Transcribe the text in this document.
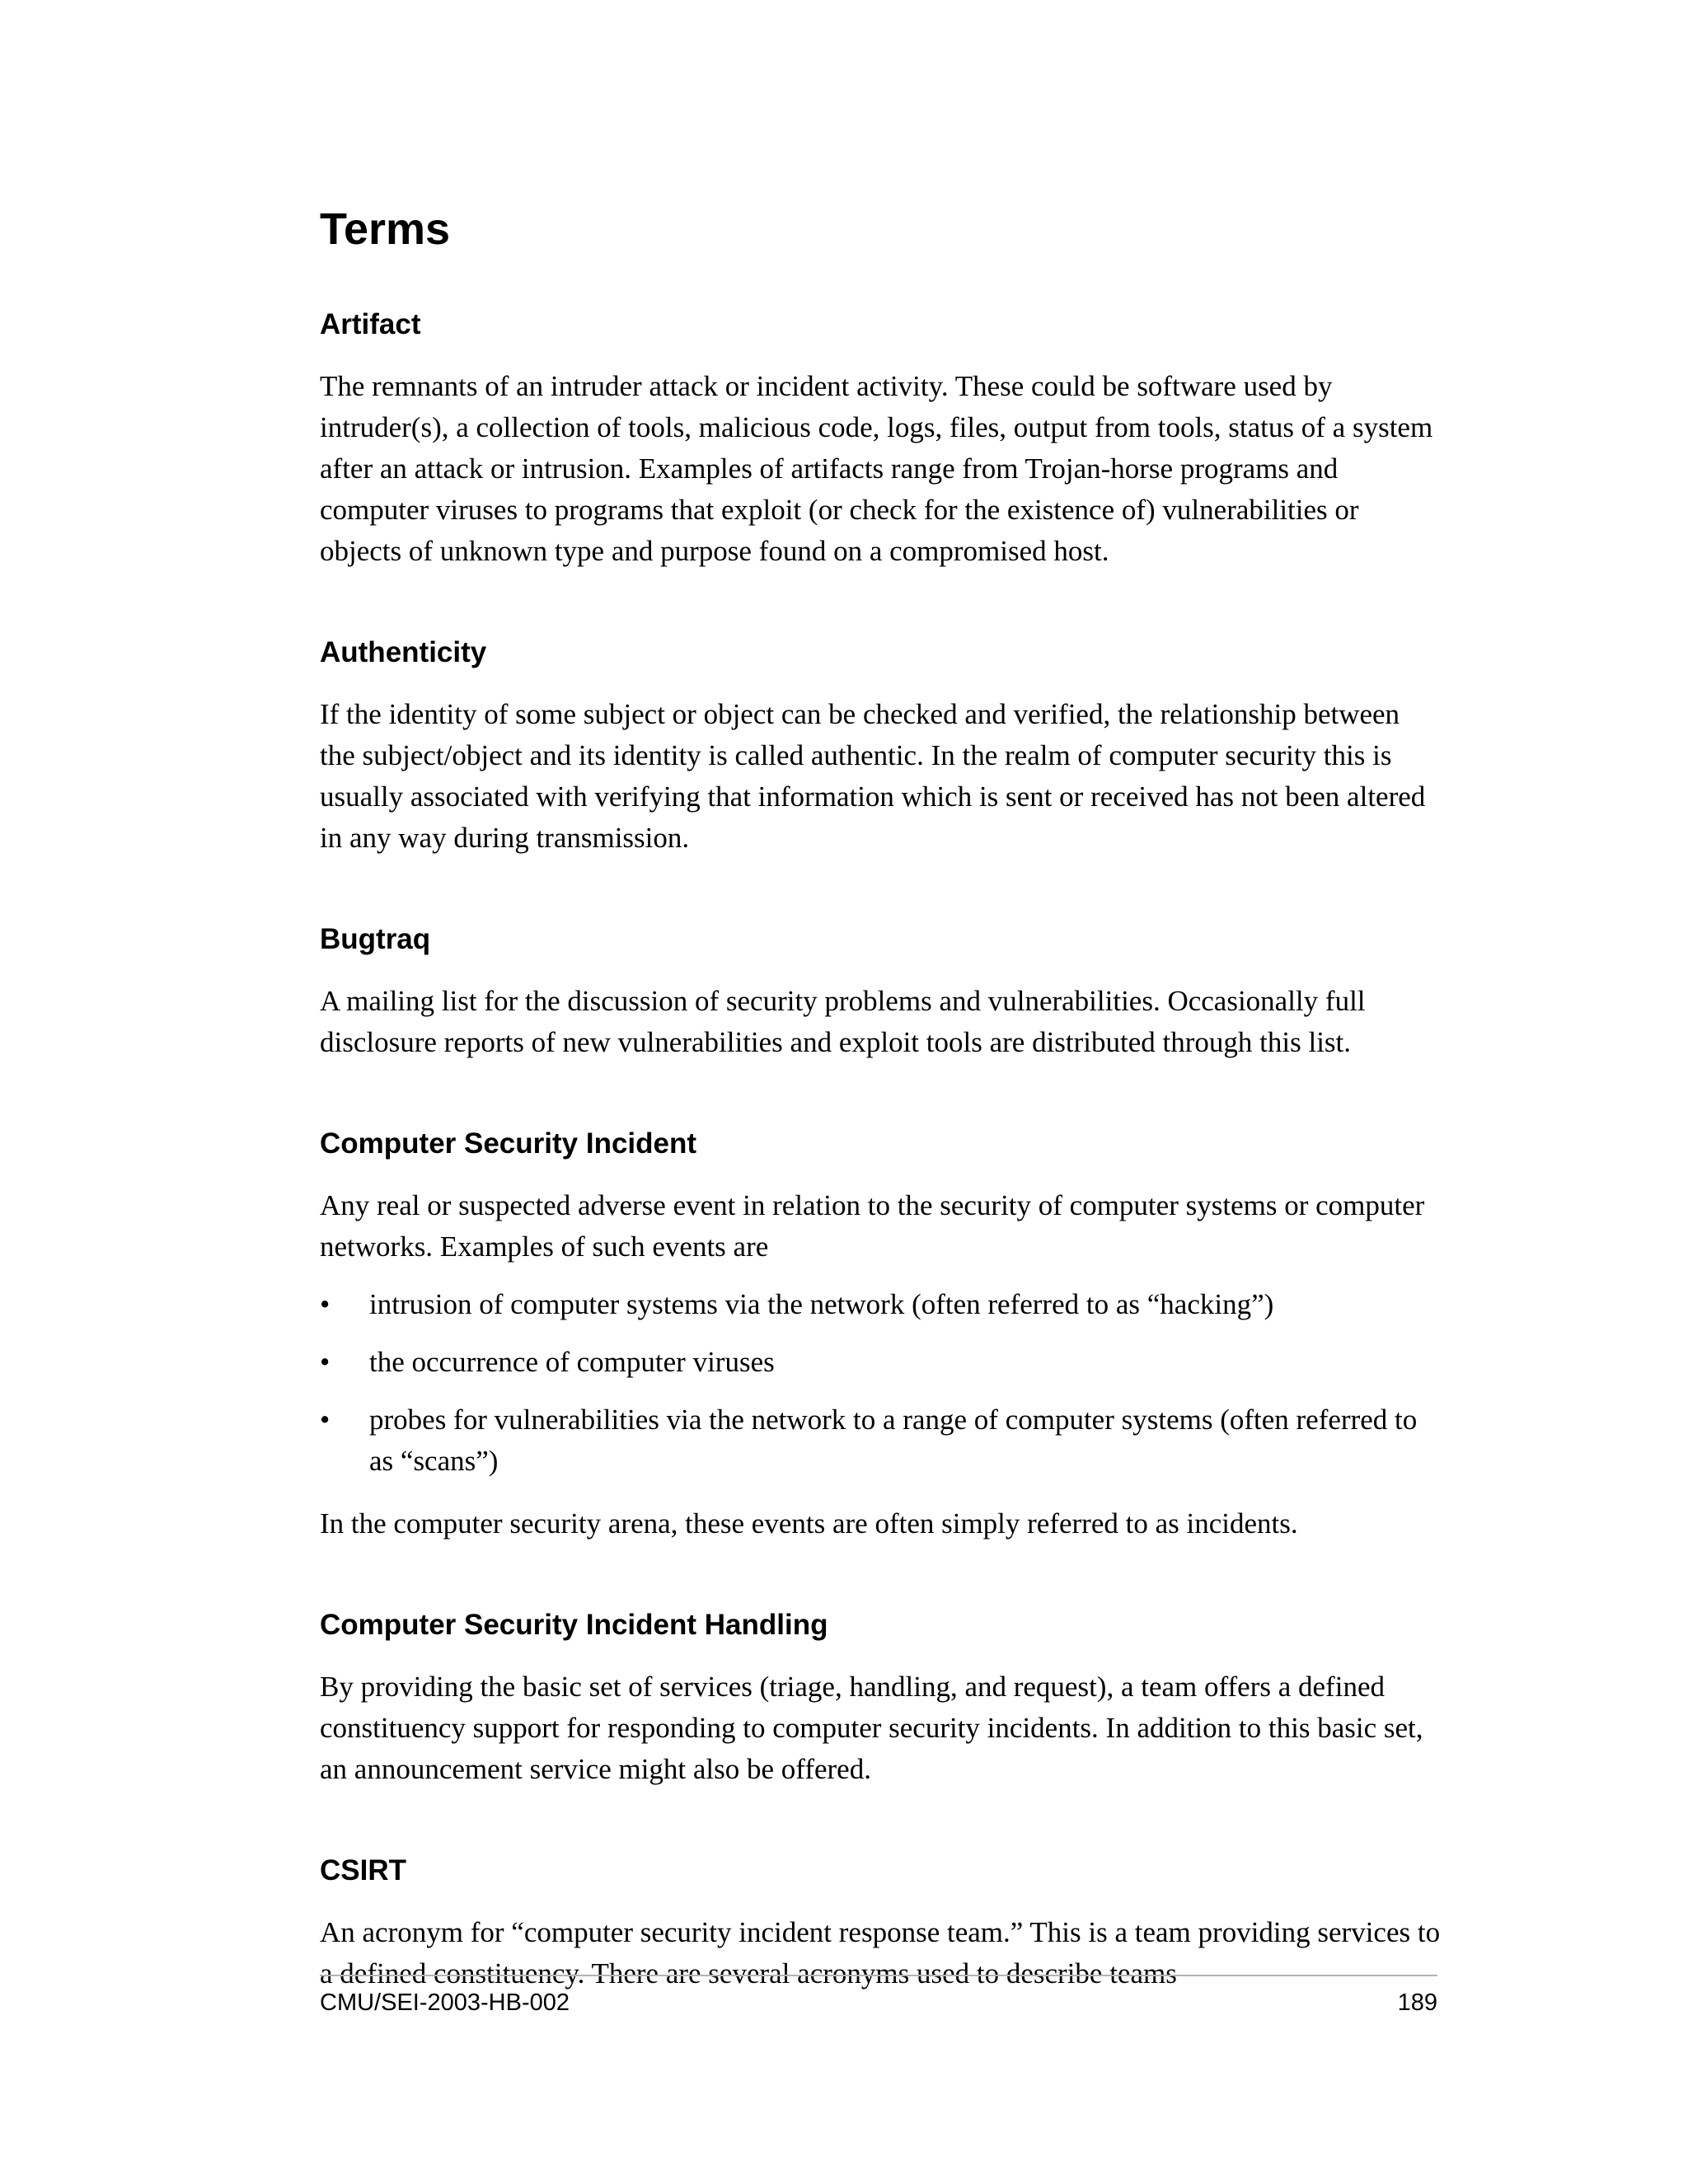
Terms
Artifact

The remnants of an intruder attack or incident activity. These could be software used by intruder(s), a collection of tools, malicious code, logs, files, output from tools, status of a system after an attack or intrusion. Examples of artifacts range from Trojan-horse programs and computer viruses to programs that exploit (or check for the existence of) vulnerabilities or objects of unknown type and purpose found on a compromised host.

Authenticity

If the identity of some subject or object can be checked and verified, the relationship between the subject/object and its identity is called authentic. In the realm of computer security this is usually associated with verifying that information which is sent or received has not been altered in any way during transmission.

Bugtraq

A mailing list for the discussion of security problems and vulnerabilities. Occasionally full disclosure reports of new vulnerabilities and exploit tools are distributed through this list.

Computer Security Incident

Any real or suspected adverse event in relation to the security of computer systems or computer networks. Examples of such events are

•	intrusion of computer systems via the network (often referred to as “hacking”)
•	the occurrence of computer viruses
•	probes for vulnerabilities via the network to a range of computer systems (often referred to as “scans”)

In the computer security arena, these events are often simply referred to as incidents.

Computer Security Incident Handling

By providing the basic set of services (triage, handling, and request), a team offers a defined constituency support for responding to computer security incidents. In addition to this basic set, an announcement service might also be offered.

CSIRT

An acronym for “computer security incident response team.” This is a team providing services to a defined constituency. There are several acronyms used to describe teams

CMU/SEI-2003-HB-002	189
